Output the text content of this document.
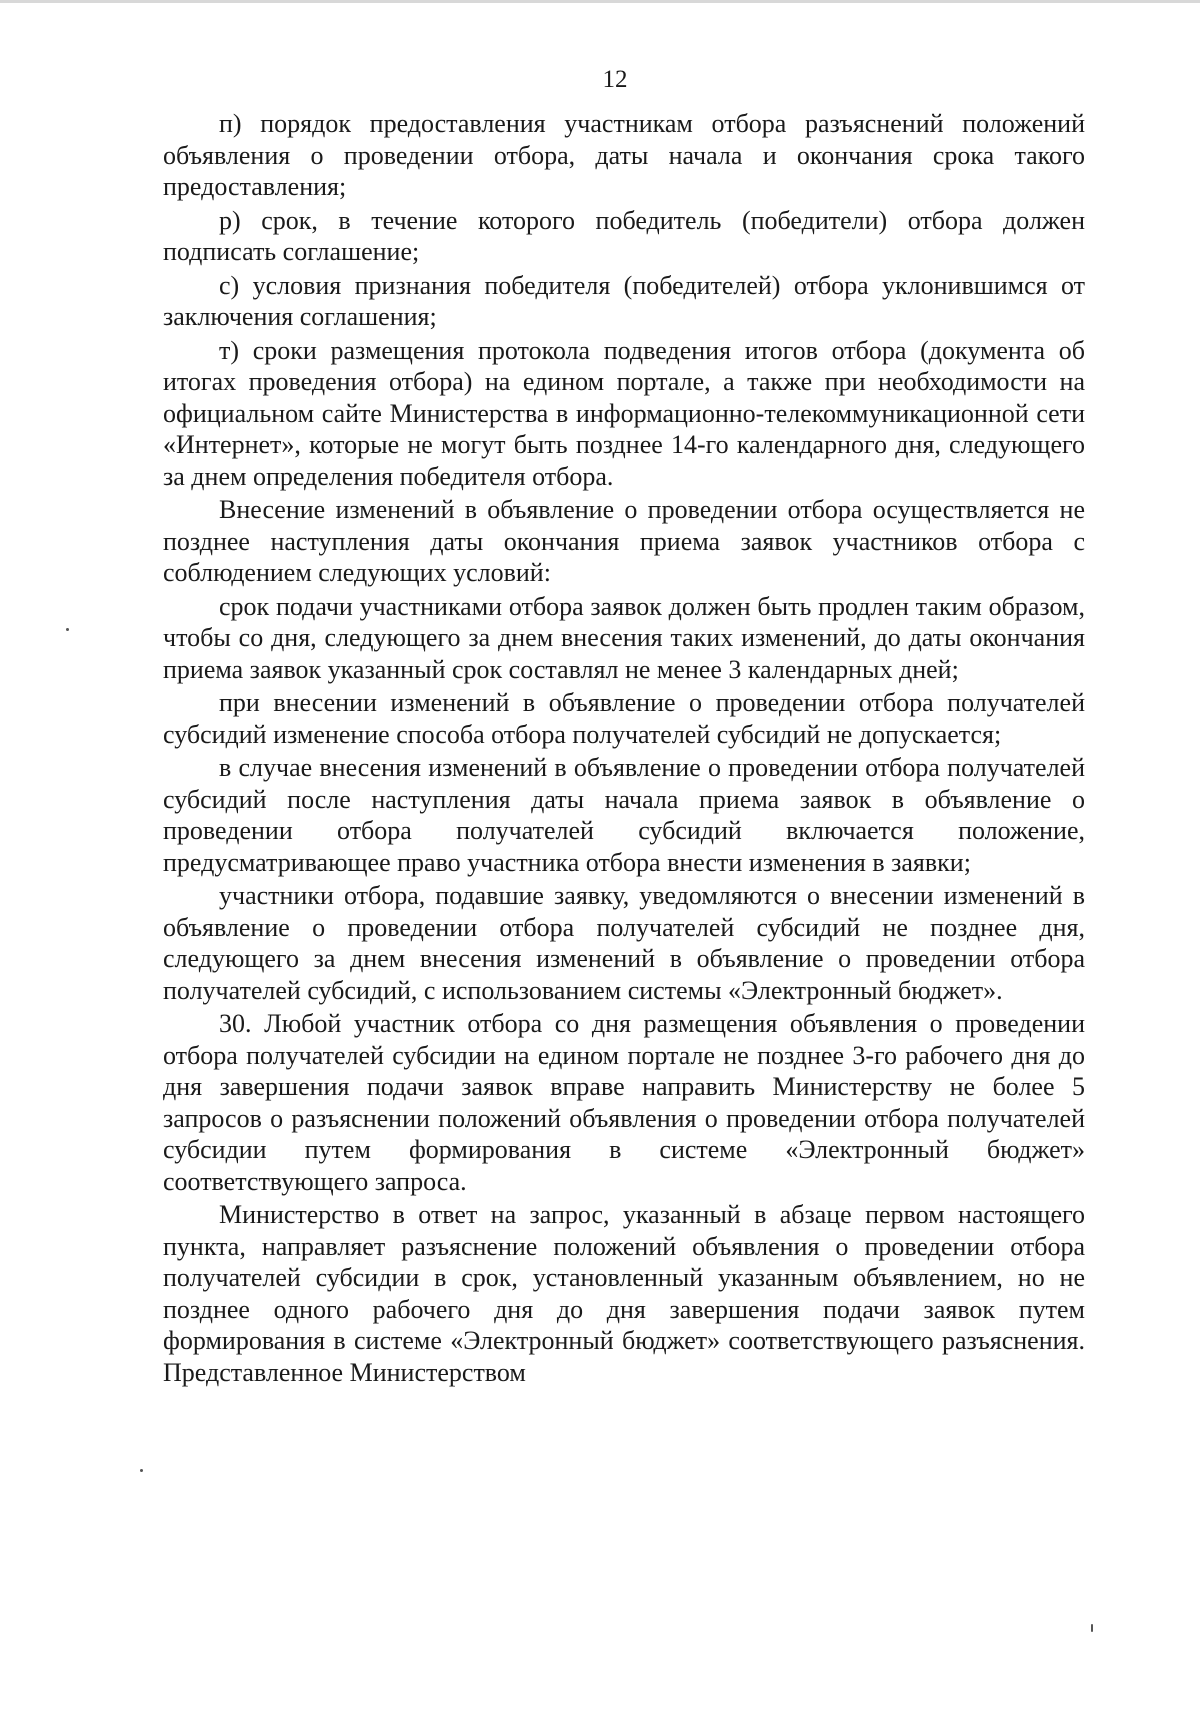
12

п) порядок предоставления участникам отбора разъяснений положений объявления о проведении отбора, даты начала и окончания срока такого предоставления;

р) срок, в течение которого победитель (победители) отбора должен подписать соглашение;

с) условия признания победителя (победителей) отбора уклонившимся от заключения соглашения;

т) сроки размещения протокола подведения итогов отбора (документа об итогах проведения отбора) на едином портале, а также при необходимости на официальном сайте Министерства в информационно-телекоммуникационной сети «Интернет», которые не могут быть позднее 14-го календарного дня, следующего за днем определения победителя отбора.

Внесение изменений в объявление о проведении отбора осуществляется не позднее наступления даты окончания приема заявок участников отбора с соблюдением следующих условий:

срок подачи участниками отбора заявок должен быть продлен таким образом, чтобы со дня, следующего за днем внесения таких изменений, до даты окончания приема заявок указанный срок составлял не менее 3 календарных дней;

при внесении изменений в объявление о проведении отбора получателей субсидий изменение способа отбора получателей субсидий не допускается;

в случае внесения изменений в объявление о проведении отбора получателей субсидий после наступления даты начала приема заявок в объявление о проведении отбора получателей субсидий включается положение, предусматривающее право участника отбора внести изменения в заявки;

участники отбора, подавшие заявку, уведомляются о внесении изменений в объявление о проведении отбора получателей субсидий не позднее дня, следующего за днем внесения изменений в объявление о проведении отбора получателей субсидий, с использованием системы «Электронный бюджет».

30. Любой участник отбора со дня размещения объявления о проведении отбора получателей субсидии на едином портале не позднее 3-го рабочего дня до дня завершения подачи заявок вправе направить Министерству не более 5 запросов о разъяснении положений объявления о проведении отбора получателей субсидии путем формирования в системе «Электронный бюджет» соответствующего запроса.

Министерство в ответ на запрос, указанный в абзаце первом настоящего пункта, направляет разъяснение положений объявления о проведении отбора получателей субсидии в срок, установленный указанным объявлением, но не позднее одного рабочего дня до дня завершения подачи заявок путем формирования в системе «Электронный бюджет» соответствующего разъяснения. Представленное Министерством
